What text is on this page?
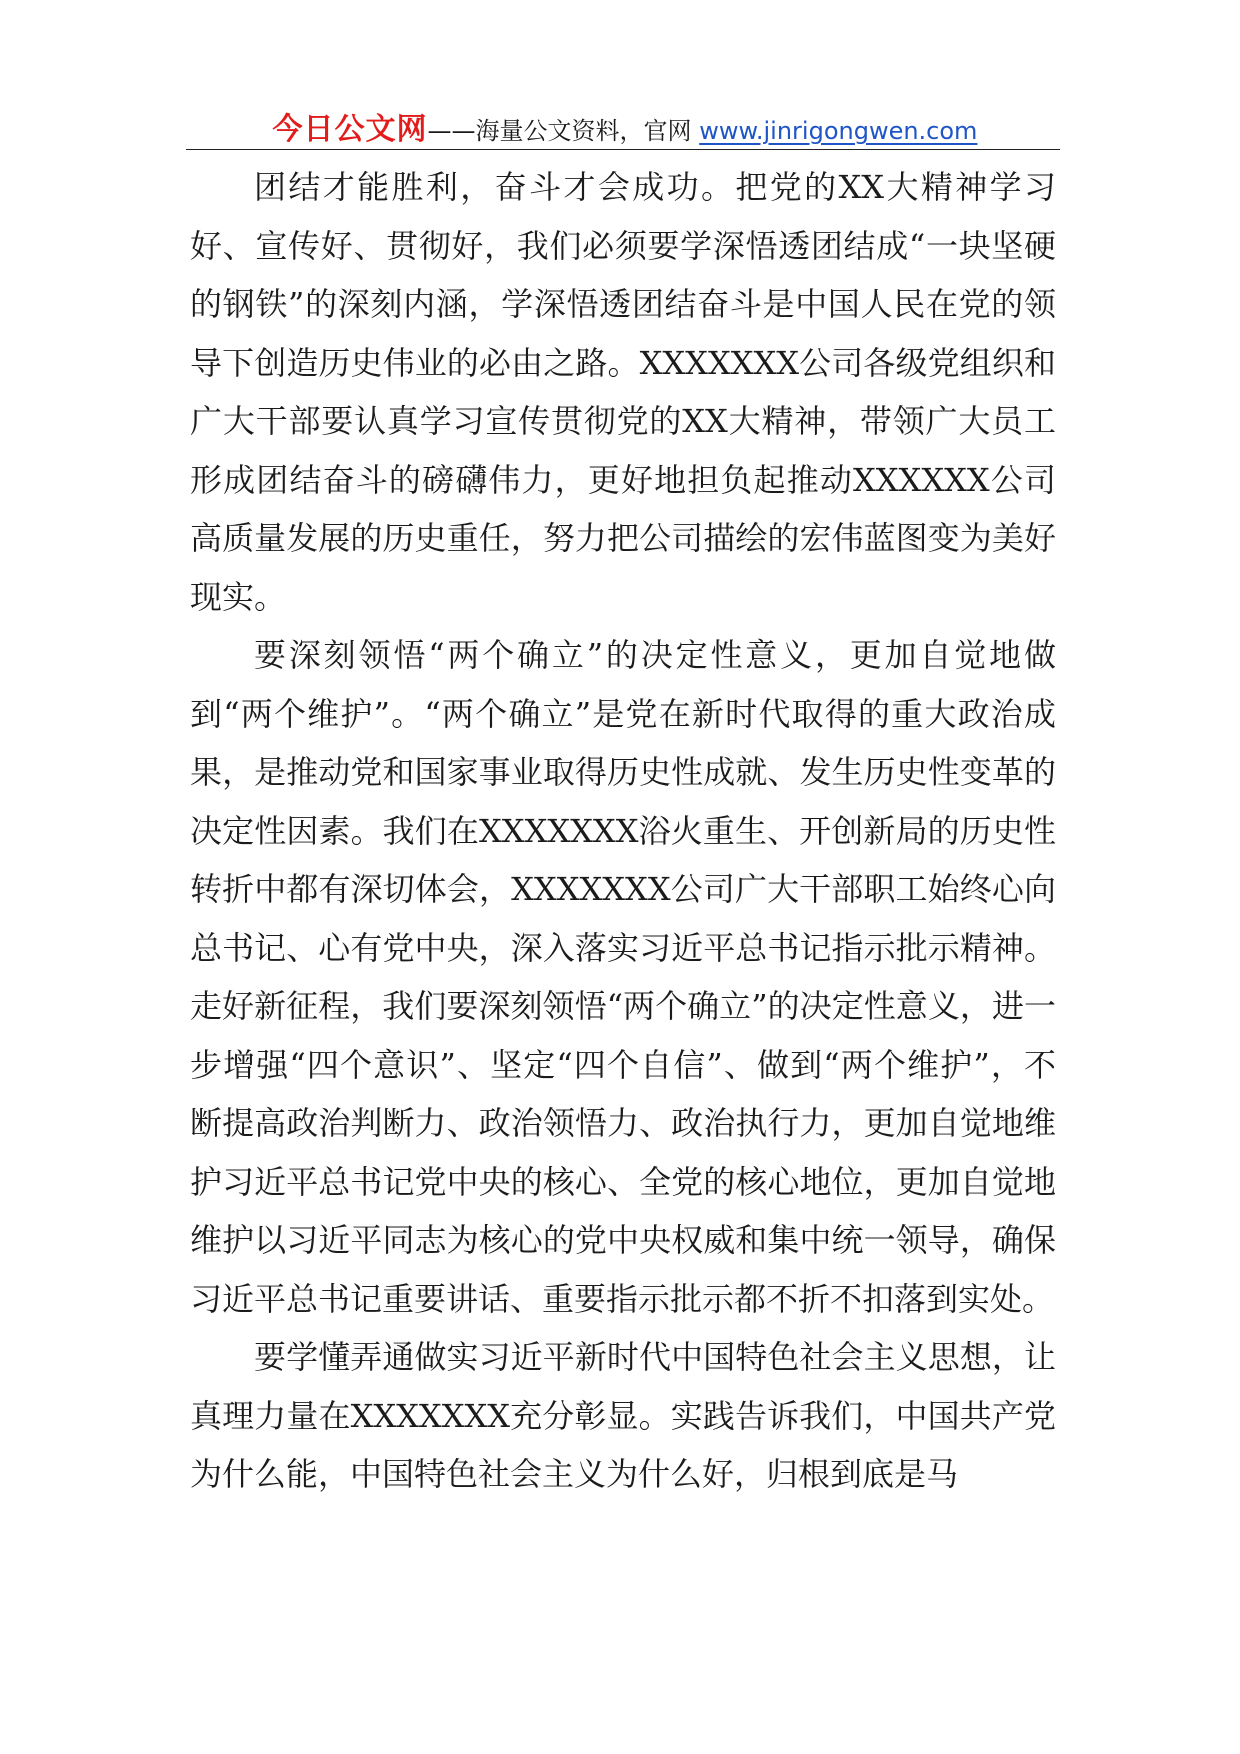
今日公文网——海量公文资料，官网 www.jinrigongwen.com

团结才能胜利，奋斗才会成功。把党的XX大精神学习好、宣传好、贯彻好，我们必须要学深悟透团结成“一块坚硬的钢铁”的深刻内涵，学深悟透团结奋斗是中国人民在党的领导下创造历史伟业的必由之路。XXXXXXX公司各级党组织和广大干部要认真学习宣传贯彻党的XX大精神，带领广大员工形成团结奋斗的磅礴伟力，更好地担负起推动XXXXXX公司高质量发展的历史重任，努力把公司描绘的宏伟蓝图变为美好现实。

要深刻领悟“两个确立”的决定性意义，更加自觉地做到“两个维护”。“两个确立”是党在新时代取得的重大政治成果，是推动党和国家事业取得历史性成就、发生历史性变革的决定性因素。我们在XXXXXXX浴火重生、开创新局的历史性转折中都有深切体会，XXXXXXX公司广大干部职工始终心向总书记、心有党中央，深入落实习近平总书记指示批示精神。走好新征程，我们要深刻领悟“两个确立”的决定性意义，进一步增强“四个意识”、坚定“四个自信”、做到“两个维护”，不断提高政治判断力、政治领悟力、政治执行力，更加自觉地维护习近平总书记党中央的核心、全党的核心地位，更加自觉地维护以习近平同志为核心的党中央权威和集中统一领导，确保习近平总书记重要讲话、重要指示批示都不折不扣落到实处。

要学懂弄通做实习近平新时代中国特色社会主义思想，让真理力量在XXXXXXX充分彰显。实践告诉我们，中国共产党为什么能，中国特色社会主义为什么好，归根到底是马
